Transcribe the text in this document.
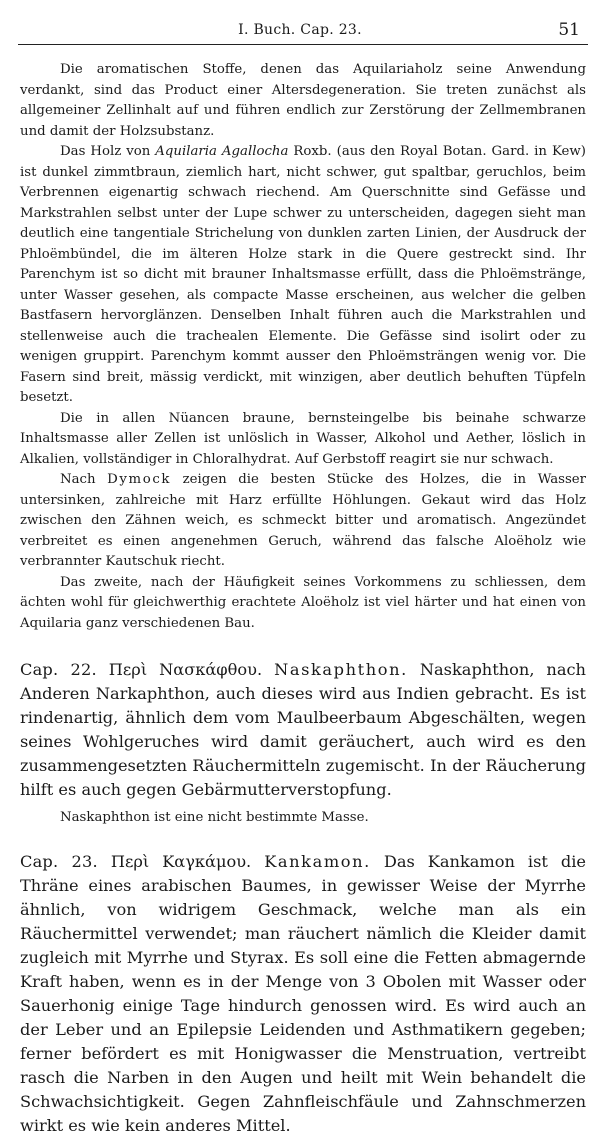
I. Buch. Cap. 23.	51

Die aromatischen Stoffe, denen das Aquilariaholz seine Anwendung verdankt, sind das Product einer Altersdegeneration. Sie treten zunächst als allgemeiner Zellinhalt auf und führen endlich zur Zerstörung der Zellmembranen und damit der Holzsubstanz.

Das Holz von Aquilaria Agallocha Roxb. (aus den Royal Botan. Gard. in Kew) ist dunkel zimmtbraun, ziemlich hart, nicht schwer, gut spaltbar, geruchlos, beim Verbrennen eigenartig schwach riechend. Am Querschnitte sind Gefässe und Markstrahlen selbst unter der Lupe schwer zu unterscheiden, dagegen sieht man deutlich eine tangentiale Strichelung von dunklen zarten Linien, der Ausdruck der Phloëmbündel, die im älteren Holze stark in die Quere gestreckt sind. Ihr Parenchym ist so dicht mit brauner Inhaltsmasse erfüllt, dass die Phloëmstränge, unter Wasser gesehen, als compacte Masse erscheinen, aus welcher die gelben Bastfasern hervorglänzen. Denselben Inhalt führen auch die Markstrahlen und stellenweise auch die trachealen Elemente. Die Gefässe sind isolirt oder zu wenigen gruppirt. Parenchym kommt ausser den Phloëmsträngen wenig vor. Die Fasern sind breit, mässig verdickt, mit winzigen, aber deutlich behuften Tüpfeln besetzt.

Die in allen Nüancen braune, bernsteingelbe bis beinahe schwarze Inhaltsmasse aller Zellen ist unlöslich in Wasser, Alkohol und Aether, löslich in Alkalien, vollständiger in Chloralhydrat. Auf Gerbstoff reagirt sie nur schwach.

Nach Dymock zeigen die besten Stücke des Holzes, die in Wasser untersinken, zahlreiche mit Harz erfüllte Höhlungen. Gekaut wird das Holz zwischen den Zähnen weich, es schmeckt bitter und aromatisch. Angezündet verbreitet es einen angenehmen Geruch, während das falsche Aloëholz wie verbrannter Kautschuk riecht.

Das zweite, nach der Häufigkeit seines Vorkommens zu schliessen, dem ächten wohl für gleichwerthig erachtete Aloëholz ist viel härter und hat einen von Aquilaria ganz verschiedenen Bau.

Cap. 22. Περὶ Νασκάφθου. Naskaphthon. Naskaphthon, nach Anderen Narkaphthon, auch dieses wird aus Indien gebracht. Es ist rindenartig, ähnlich dem vom Maulbeerbaum Abgeschälten, wegen seines Wohlgeruches wird damit geräuchert, auch wird es den zusammengesetzten Räuchermitteln zugemischt. In der Räucherung hilft es auch gegen Gebärmutterverstopfung.

Naskaphthon ist eine nicht bestimmte Masse.

Cap. 23. Περὶ Καγκάμου. Kankamon. Das Kankamon ist die Thräne eines arabischen Baumes, in gewisser Weise der Myrrhe ähnlich, von widrigem Geschmack, welche man als ein Räuchermittel verwendet; man räuchert nämlich die Kleider damit zugleich mit Myrrhe und Styrax. Es soll eine die Fetten abmagernde Kraft haben, wenn es in der Menge von 3 Obolen mit Wasser oder Sauerhonig einige Tage hindurch genossen wird. Es wird auch an der Leber und an Epilepsie Leidenden und Asthmatikern gegeben; ferner befördert es mit Honigwasser die Menstruation, vertreibt rasch die Narben in den Augen und heilt mit Wein behandelt die Schwachsichtigkeit. Gegen Zahnfleischfäule und Zahnschmerzen wirkt es wie kein anderes Mittel.
